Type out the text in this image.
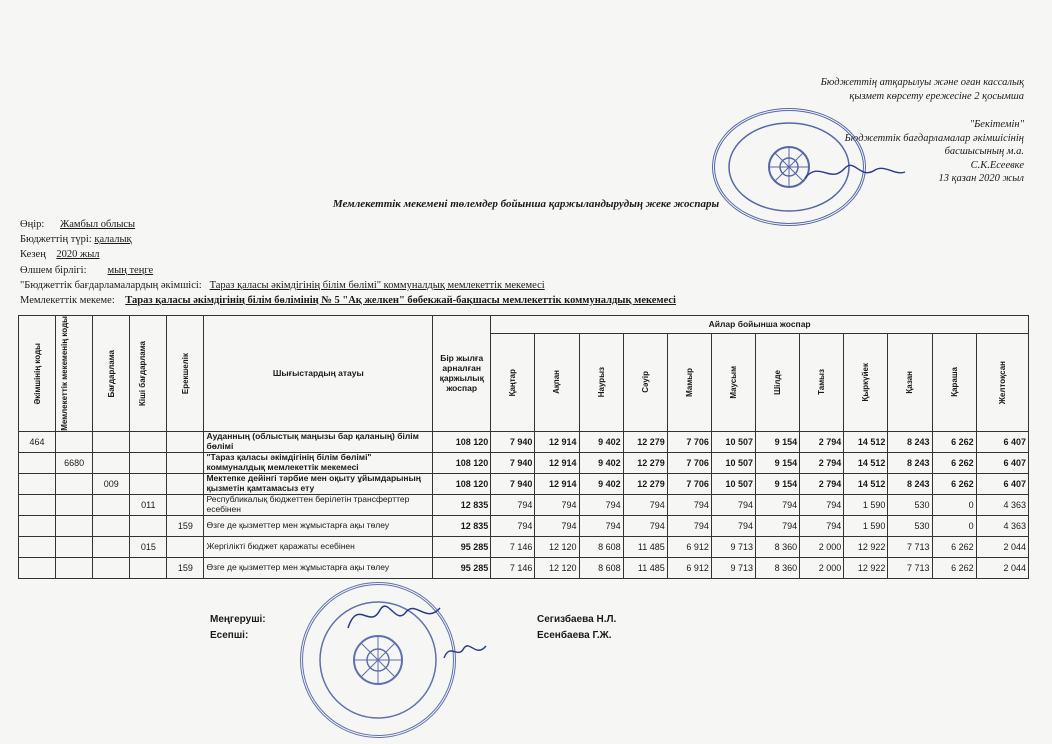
Бюджеттің атқарылуы және оған кассалық
қызмет көрсету ережесіне 2 қосымша
"Бекітемін"
Бюджеттік бағдарламалар әкімшісінің
басшысының м.а.
С.К.Есеевке
13 қазан 2020 жыл
Мемлекеттік мекемені төлемдер бойынша қаржыландырудың жеке жоспары
Өңір: Жамбыл облысы
Бюджеттің түрі: қалалық
Кезең 2020 жыл
Өлшем бірлігі: мың теңге
"Бюджеттік бағдарламалардың әкімшісі: Тараз қаласы әкімдігінің білім бөлімі" коммуналдық мемлекеттік мекемесі
Мемлекеттік мекеме: Тараз қаласы әкімдігінің білім бөлімінің № 5 "Ақ желкен" бөбекжай-бақшасы мемлекеттік коммуналдық мекемесі
Әкімшінің коды	Мемлекеттік мекеменің коды	Бағдарлама	Кіші бағдарлама	Ерекшелік	Шығыстардың атауы	Бір жылға арналған қаржылық жоспар	Айлар бойынша жоспар											

							Қаңтар	Ақпан	Наурыз	Сәуір	Мамыр	Маусым	Шілде	Тамыз	Қыркүйек	Қазан	Қараша	Желтоқсан

464					Ауданның (облыстық маңызы бар қаланың) білім бөлімі	108 120	7 940	12 914	9 402	12 279	7 706	10 507	9 154	2 794	14 512	8 243	6 262	6 407
	6680				"Тараз қаласы әкімдігінің білім бөлімі" коммуналдық мемлекеттік мекемесі	108 120	7 940	12 914	9 402	12 279	7 706	10 507	9 154	2 794	14 512	8 243	6 262	6 407
		009			Мектепке дейінгі тәрбие мен оқыту ұйымдарының қызметін қамтамасыз ету	108 120	7 940	12 914	9 402	12 279	7 706	10 507	9 154	2 794	14 512	8 243	6 262	6 407
			011		Республикалық бюджеттен берілетін трансферттер есебінен	12 835	794	794	794	794	794	794	794	794	1 590	530	0	4 363
				159	Өзге де қызметтер мен жұмыстарға ақы төлеу	12 835	794	794	794	794	794	794	794	794	1 590	530	0	4 363
			015		Жергілікті бюджет қаражаты есебінен	95 285	7 146	12 120	8 608	11 485	6 912	9 713	8 360	2 000	12 922	7 713	6 262	2 044
				159	Өзге де қызметтер мен жұмыстарға ақы төлеу	95 285	7 146	12 120	8 608	11 485	6 912	9 713	8 360	2 000	12 922	7 713	6 262	2 044
Меңгеруші:
Есепші:
Сегизбаева Н.Л.
Есенбаева Г.Ж.
